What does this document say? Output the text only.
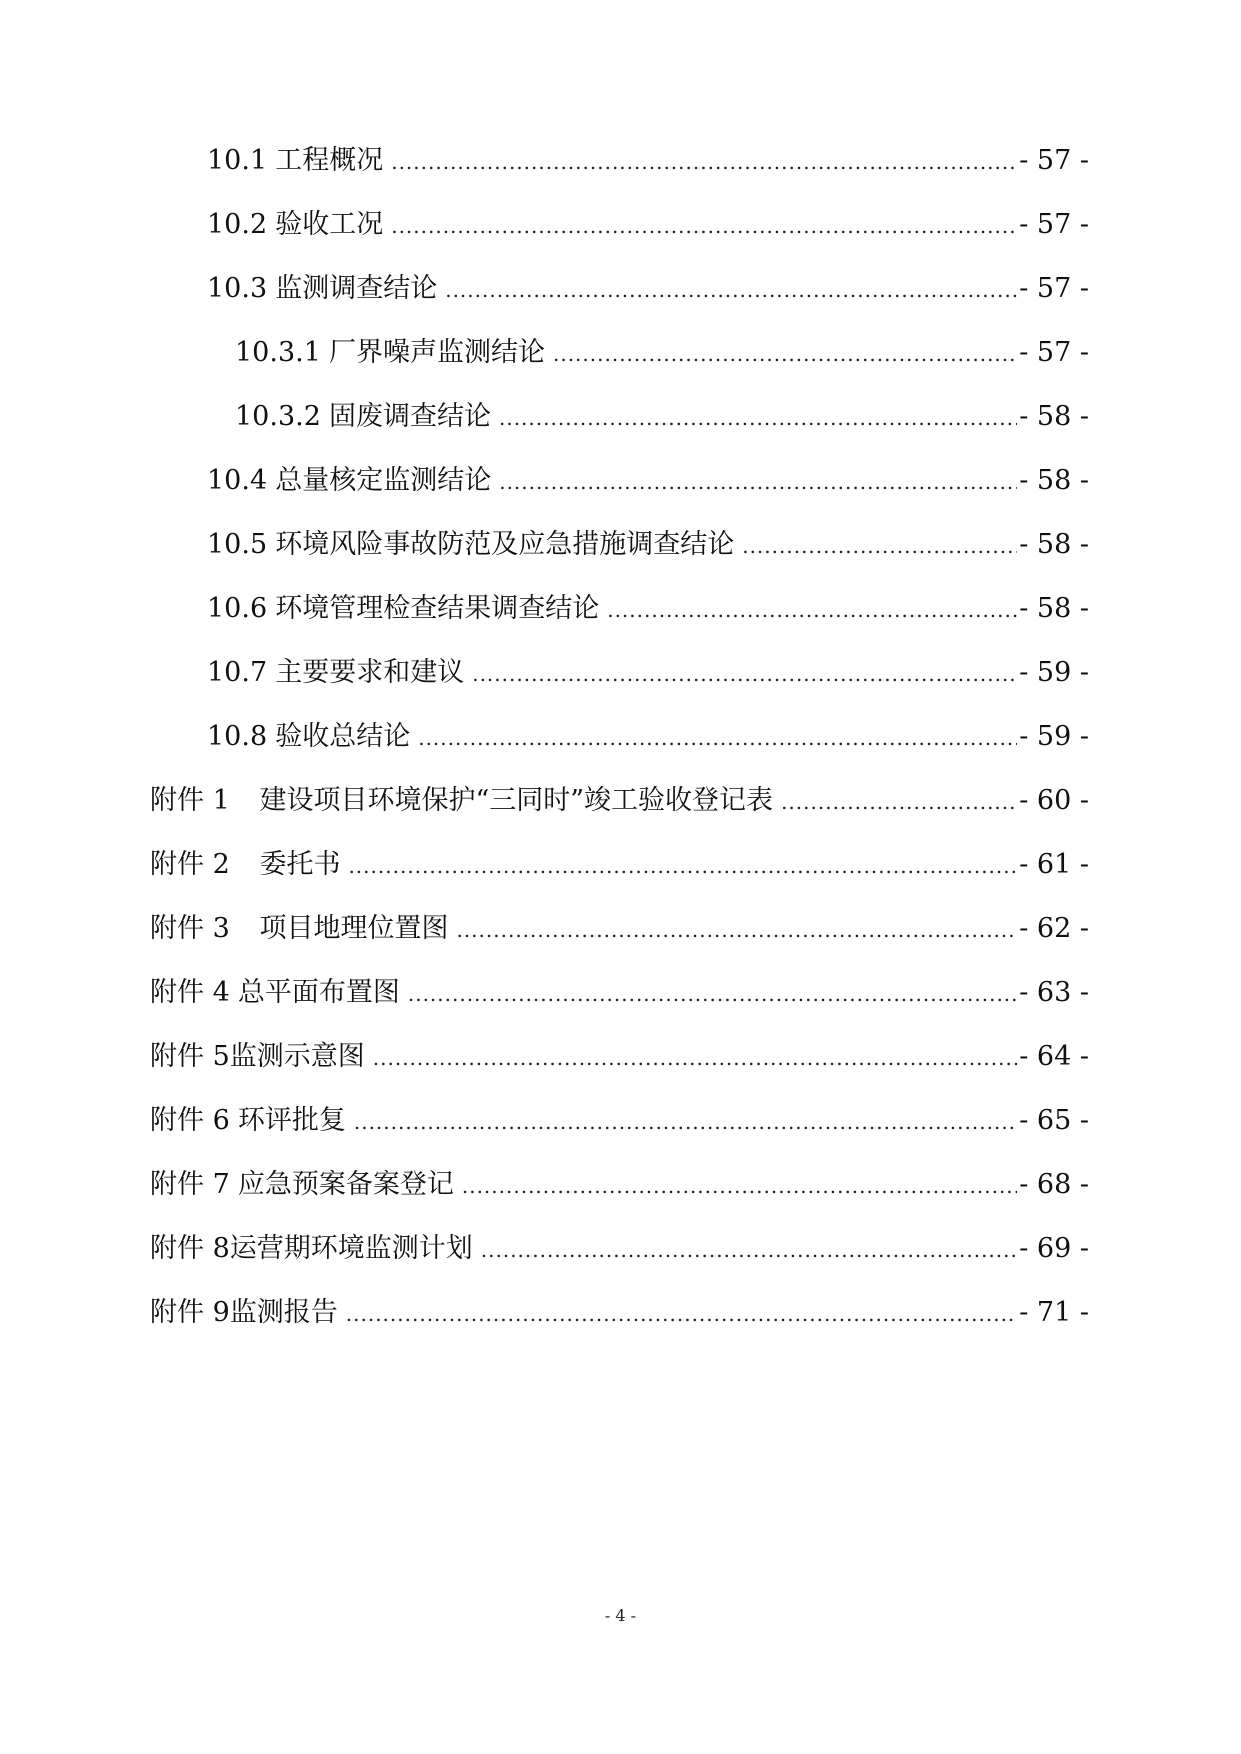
10.1 工程概况 .....	- 57 -
10.2 验收工况 .....	- 57 -
10.3 监测调查结论 .....	- 57 -
10.3.1 厂界噪声监测结论 .....	- 57 -
10.3.2 固废调查结论 .....	- 58 -
10.4 总量核定监测结论 .....	- 58 -
10.5 环境风险事故防范及应急措施调查结论 .....	- 58 -
10.6 环境管理检查结果调查结论 .....	- 58 -
10.7 主要要求和建议 .....	- 59 -
10.8 验收总结论 .....	- 59 -
附件 1 建设项目环境保护“三同时”竣工验收登记表 .....	- 60 -
附件 2 委托书 .....	- 61 -
附件 3 项目地理位置图 .....	- 62 -
附件 4 总平面布置图 .....	- 63 -
附件 5 监测示意图 .....	- 64 -
附件 6 环评批复 .....	- 65 -
附件 7 应急预案备案登记 .....	- 68 -
附件 8 运营期环境监测计划 .....	- 69 -
附件 9 监测报告 .....	- 71 -
- 4 -
